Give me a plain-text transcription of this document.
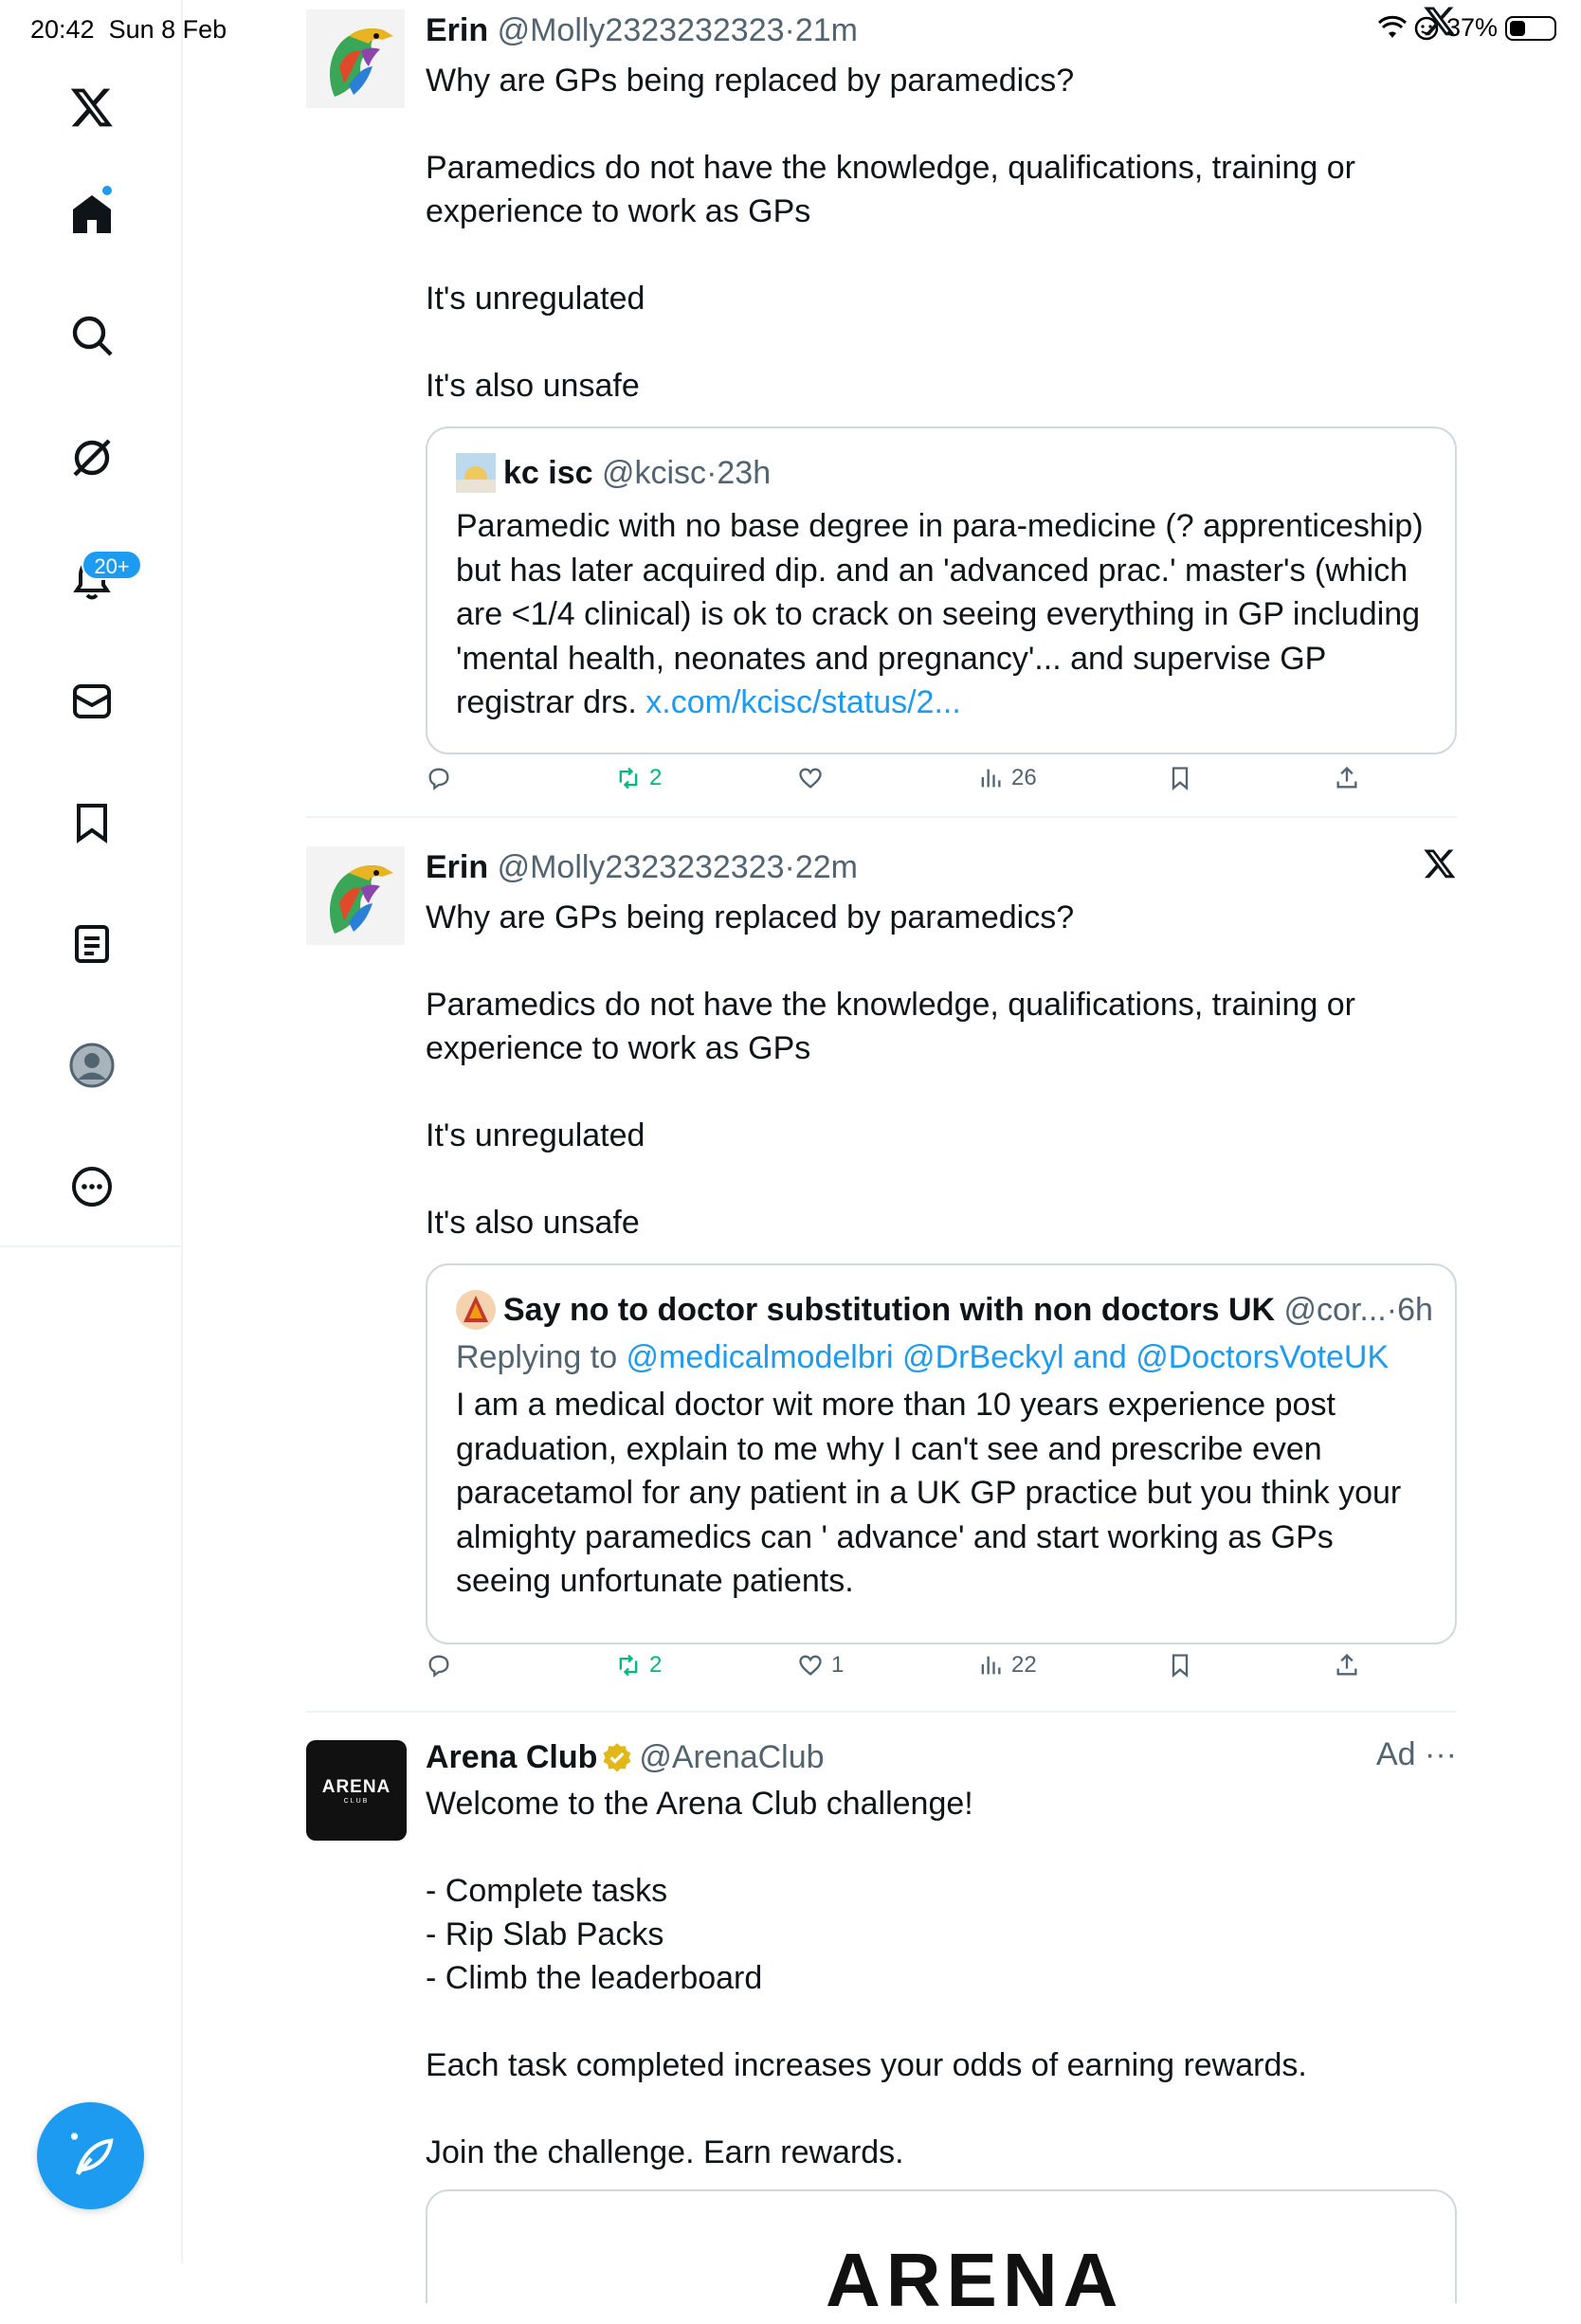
20:42 Sun 8 Feb	37%
20+
Erin @Molly2323232323·21m

Why are GPs being replaced by paramedics?

Paramedics do not have the knowledge, qualifications, training or

experience to work as GPs

It's unregulated

It's also unsafe

kc isc
@kcisc · 23h
Paramedic with no base degree in para-medicine (? apprenticeship)
but has later acquired dip. and an 'advanced prac.' master's (which
are <1/4 clinical) is ok to crack on seeing everything in GP including
'mental health, neonates and pregnancy'... and supervise GP
registrar drs. x.com/kcisc/status/2...
2	26
Erin @Molly2323232323·22m

Why are GPs being replaced by paramedics?

Paramedics do not have the knowledge, qualifications, training or

experience to work as GPs

It's unregulated

It's also unsafe

Say no to doctor substitution with non doctors UK
@cor... · 6h
Replying to @medicalmodelbri @DrBeckyl and @DoctorsVoteUK
I am a medical doctor wit more than 10 years experience post
graduation, explain to me why I can't see and prescribe even
paracetamol for any patient in a UK GP practice but you think your
almighty paramedics can ' advance' and start working as GPs
seeing unfortunate patients.
2	1	22
ARENA
CLUB
Arena Club @ArenaClub

Welcome to the Arena Club challenge!

- Complete tasks

- Rip Slab Packs

- Climb the leaderboard

Each task completed increases your odds of earning rewards.

Join the challenge. Earn rewards.

Ad ···
ARENA
